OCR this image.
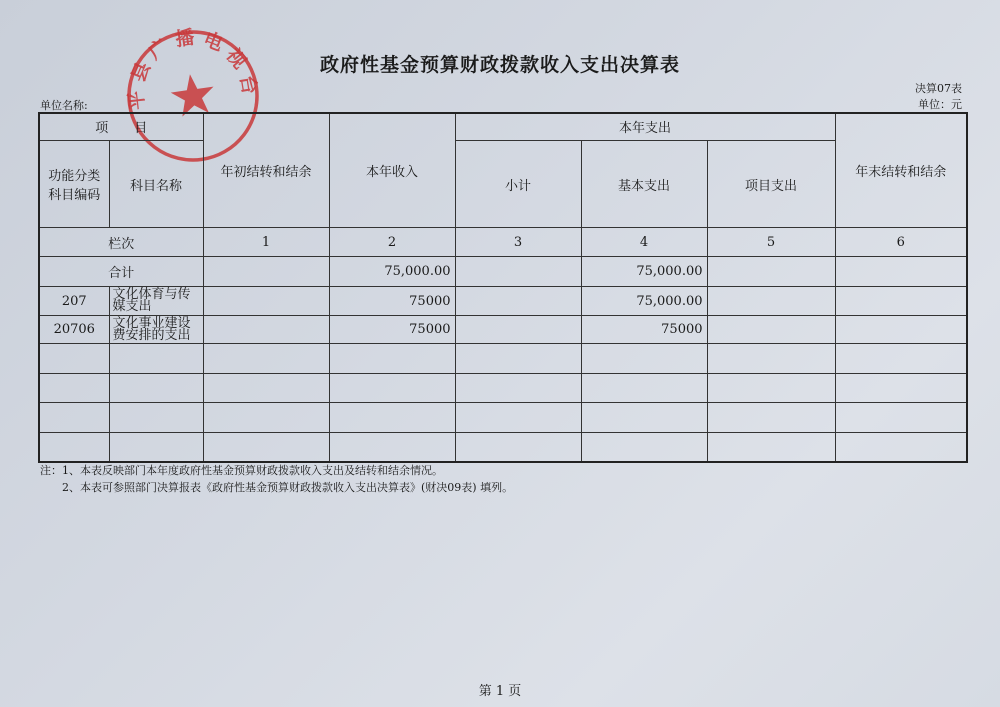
平 县 广 播 电 视 台
政府性基金预算财政拨款收入支出决算表
单位名称:
决算07表
单位：元
项　　目		年初结转和结余	本年收入	本年支出			年末结转和结余
功能分类科目编码	科目名称			小计	基本支出	项目支出	

栏次		1	2	3	4	5	6
合计			75,000.00		75,000.00		
207	文化体育与传媒支出		75000		75,000.00		
20706	文化事业建设费安排的支出		75000		75000		

注：1、本表反映部门本年度政府性基金预算财政拨款收入支出及结转和结余情况。
2、本表可参照部门决算报表《政府性基金预算财政拨款收入支出决算表》(财决09表) 填列。
第 1 页
